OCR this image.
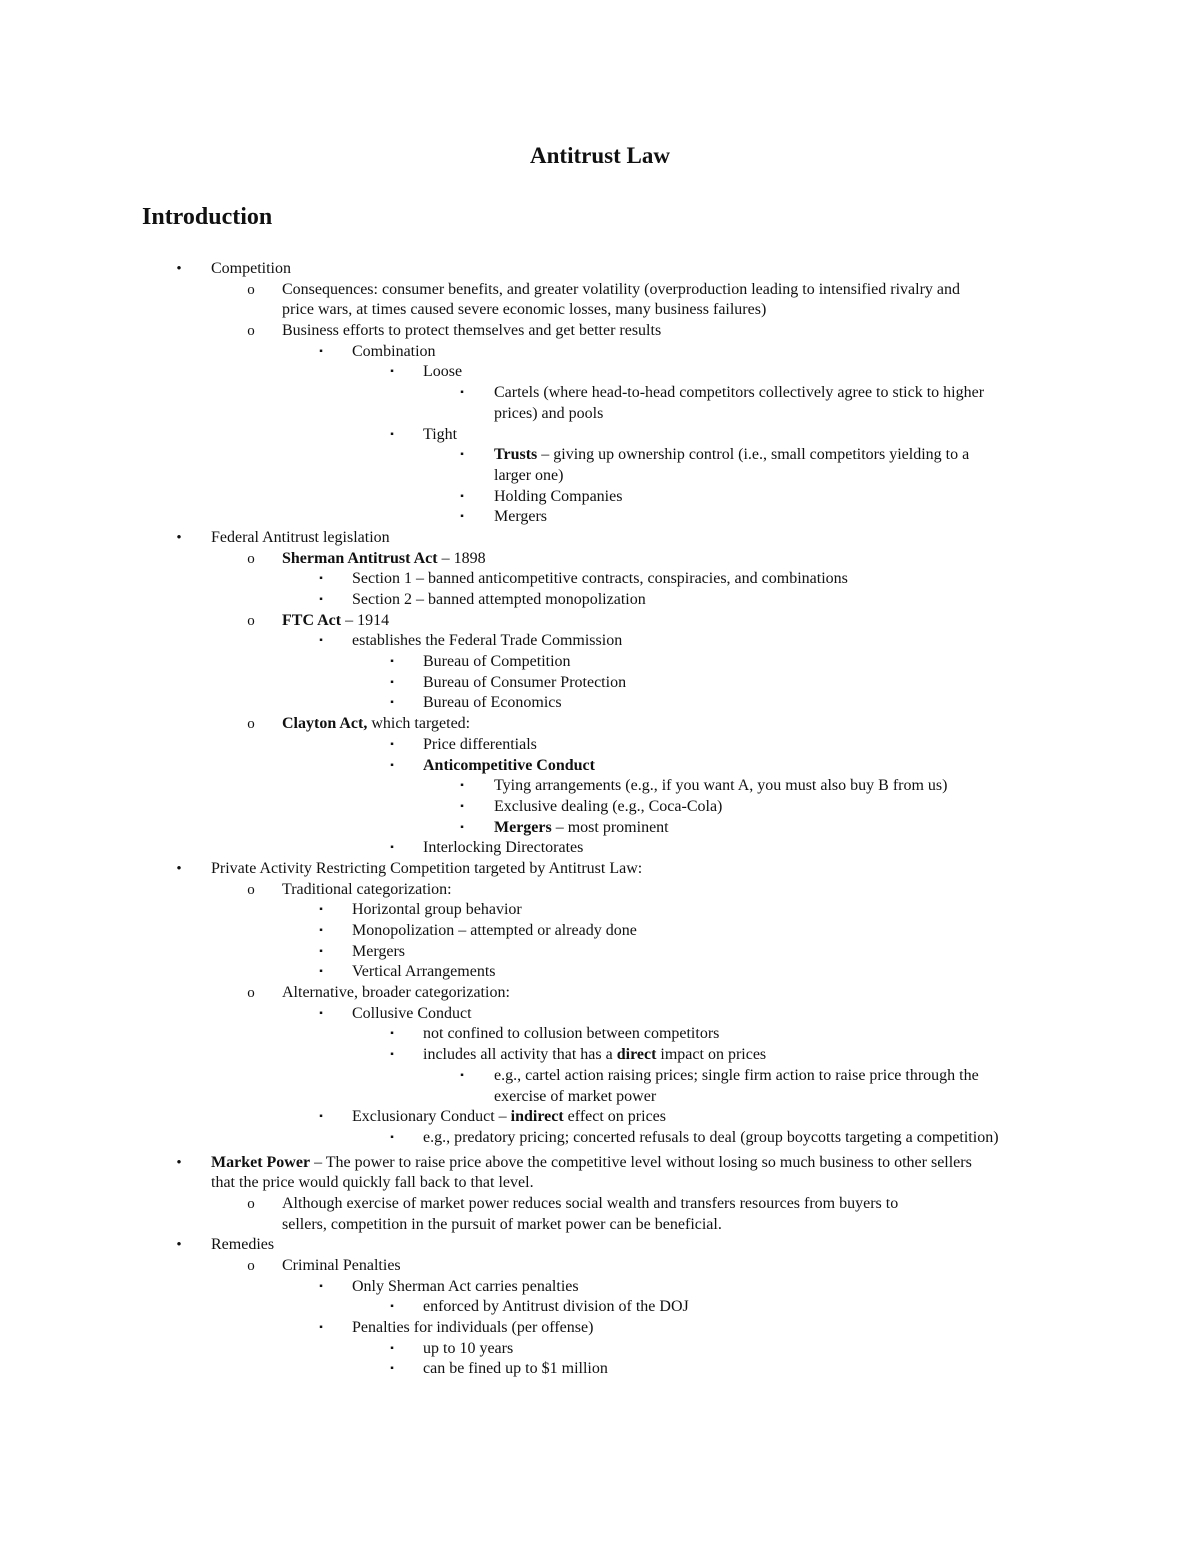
Antitrust Law
Introduction
• Competition
o Consequences: consumer benefits, and greater volatility (overproduction leading to intensified rivalry and
price wars, at times caused severe economic losses, many business failures)
o Business efforts to protect themselves and get better results
▪	Combination
▪	Loose
▪	Cartels (where head-to-head competitors collectively agree to stick to higher
prices) and pools
▪	Tight
▪	Trusts – giving up ownership control (i.e., small competitors yielding to a
larger one)
▪	Holding Companies
▪	Mergers
• Federal Antitrust legislation
o Sherman Antitrust Act – 1898
▪	Section 1 – banned anticompetitive contracts, conspiracies, and combinations
▪	Section 2 – banned attempted monopolization
o FTC Act – 1914
▪	establishes the Federal Trade Commission
▪	Bureau of Competition
▪	Bureau of Consumer Protection
▪	Bureau of Economics
o Clayton Act, which targeted:
▪	Price differentials
▪	Anticompetitive Conduct
▪	Tying arrangements (e.g., if you want A, you must also buy B from us)
▪	Exclusive dealing (e.g., Coca-Cola)
▪	Mergers – most prominent
▪	Interlocking Directorates
• Private Activity Restricting Competition targeted by Antitrust Law:
o Traditional categorization:
▪	Horizontal group behavior
▪	Monopolization – attempted or already done
▪	Mergers
▪	Vertical Arrangements
o Alternative, broader categorization:
▪	Collusive Conduct
▪	not confined to collusion between competitors
▪	includes all activity that has a direct impact on prices
▪	e.g., cartel action raising prices; single firm action to raise price through the
exercise of market power
▪	Exclusionary Conduct – indirect effect on prices
▪	e.g., predatory pricing; concerted refusals to deal (group boycotts targeting a competition)
• Market Power – The power to raise price above the competitive level without losing so much business to other sellers
that the price would quickly fall back to that level.
o Although exercise of market power reduces social wealth and transfers resources from buyers to
sellers, competition in the pursuit of market power can be beneficial.
• Remedies
o Criminal Penalties
▪	Only Sherman Act carries penalties
▪	enforced by Antitrust division of the DOJ
▪	Penalties for individuals (per offense)
▪	up to 10 years
▪	can be fined up to $1 million
